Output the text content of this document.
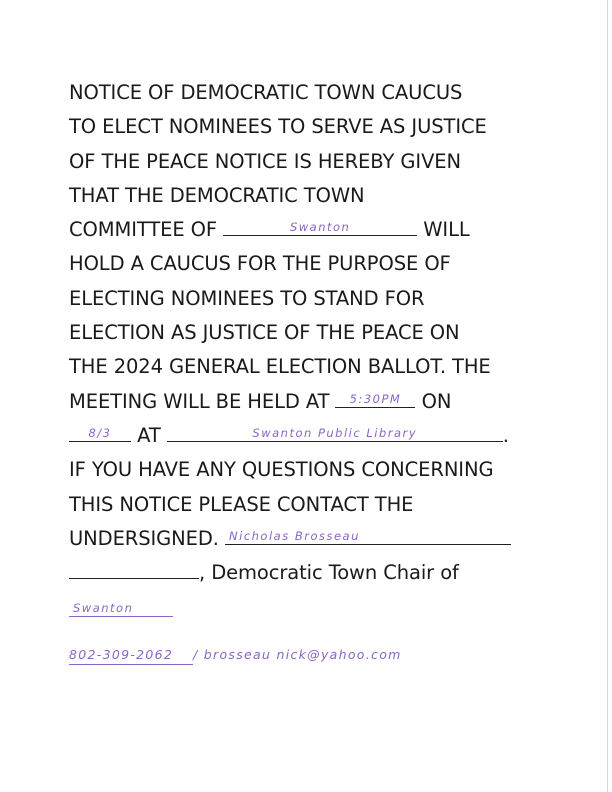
NOTICE OF DEMOCRATIC TOWN CAUCUS
TO ELECT NOMINEES TO SERVE AS JUSTICE
OF THE PEACE NOTICE IS HEREBY GIVEN
THAT THE DEMOCRATIC TOWN
COMMITTEE OF	Swanton	WILL
HOLD A CAUCUS FOR THE PURPOSE OF
ELECTING NOMINEES TO STAND FOR
ELECTION AS JUSTICE OF THE PEACE ON
THE 2024 GENERAL ELECTION BALLOT. THE
MEETING WILL BE HELD AT 5:30PM ON
8/3 AT	Swanton Public Library	.
IF YOU HAVE ANY QUESTIONS CONCERNING
THIS NOTICE PLEASE CONTACT THE
UNDERSIGNED. Nicholas Brosseau
, Democratic Town Chair of
Swanton
802-309-2062 / brosseau nick@yahoo.com
